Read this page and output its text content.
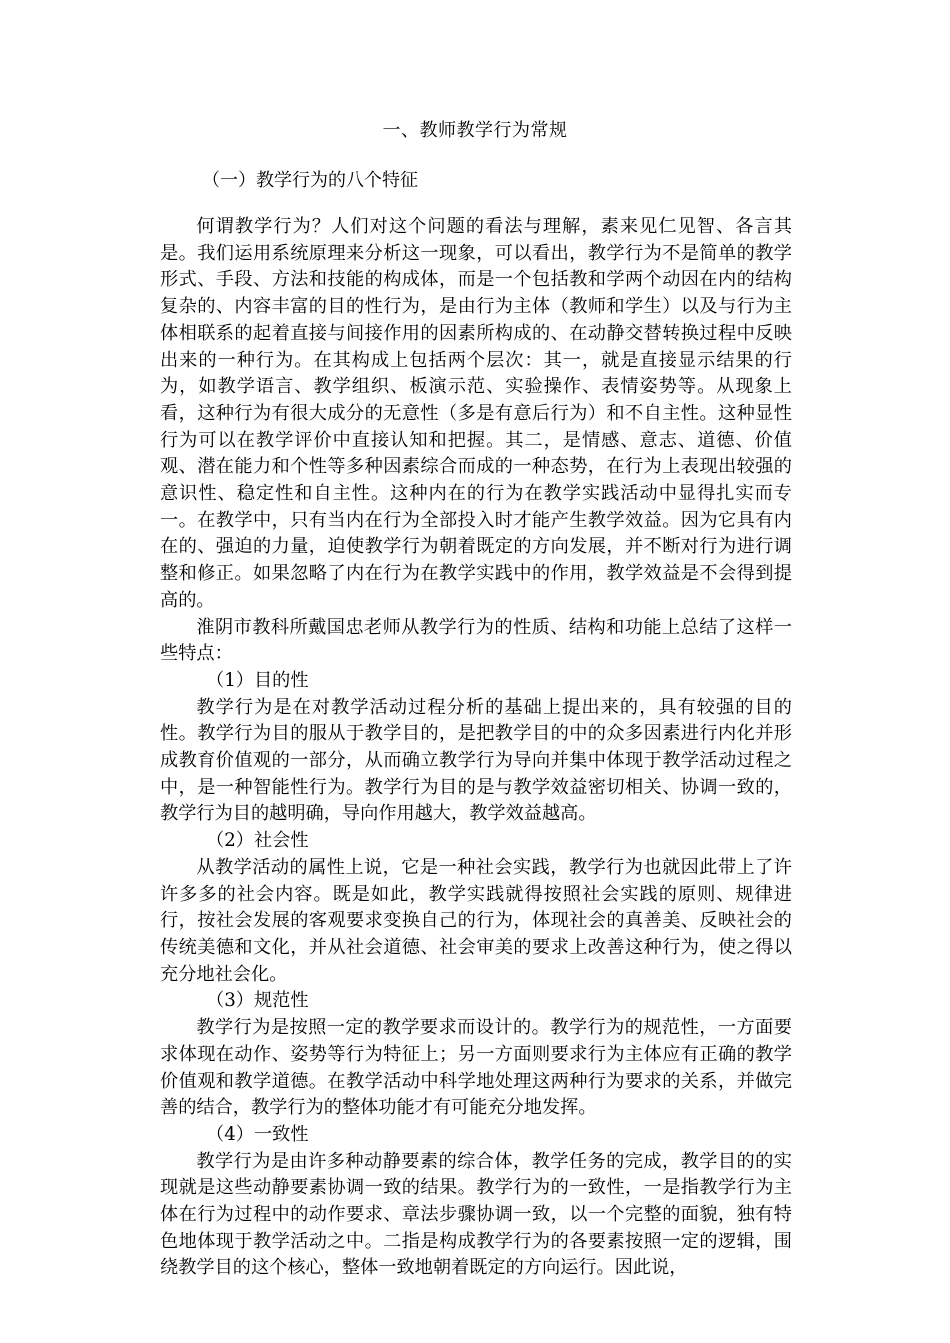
一、教师教学行为常规
（一）教学行为的八个特征

何谓教学行为？人们对这个问题的看法与理解，素来见仁见智、各言其是。我们运用系统原理来分析这一现象，可以看出，教学行为不是简单的教学形式、手段、方法和技能的构成体，而是一个包括教和学两个动因在内的结构复杂的、内容丰富的目的性行为，是由行为主体（教师和学生）以及与行为主体相联系的起着直接与间接作用的因素所构成的、在动静交替转换过程中反映出来的一种行为。在其构成上包括两个层次：其一，就是直接显示结果的行为，如教学语言、教学组织、板演示范、实验操作、表情姿势等。从现象上看，这种行为有很大成分的无意性（多是有意后行为）和不自主性。这种显性行为可以在教学评价中直接认知和把握。其二，是情感、意志、道德、价值观、潜在能力和个性等多种因素综合而成的一种态势，在行为上表现出较强的意识性、稳定性和自主性。这种内在的行为在教学实践活动中显得扎实而专一。在教学中，只有当内在行为全部投入时才能产生教学效益。因为它具有内在的、强迫的力量，迫使教学行为朝着既定的方向发展，并不断对行为进行调整和修正。如果忽略了内在行为在教学实践中的作用，教学效益是不会得到提高的。

淮阴市教科所戴国忠老师从教学行为的性质、结构和功能上总结了这样一些特点：

（1）目的性

教学行为是在对教学活动过程分析的基础上提出来的，具有较强的目的性。教学行为目的服从于教学目的，是把教学目的中的众多因素进行内化并形成教育价值观的一部分，从而确立教学行为导向并集中体现于教学活动过程之中，是一种智能性行为。教学行为目的是与教学效益密切相关、协调一致的，教学行为目的越明确，导向作用越大，教学效益越高。

（2）社会性

从教学活动的属性上说，它是一种社会实践，教学行为也就因此带上了许许多多的社会内容。既是如此，教学实践就得按照社会实践的原则、规律进行，按社会发展的客观要求变换自己的行为，体现社会的真善美、反映社会的传统美德和文化，并从社会道德、社会审美的要求上改善这种行为，使之得以充分地社会化。

（3）规范性

教学行为是按照一定的教学要求而设计的。教学行为的规范性，一方面要求体现在动作、姿势等行为特征上；另一方面则要求行为主体应有正确的教学价值观和教学道德。在教学活动中科学地处理这两种行为要求的关系，并做完善的结合，教学行为的整体功能才有可能充分地发挥。

（4）一致性

教学行为是由许多种动静要素的综合体，教学任务的完成，教学目的的实现就是这些动静要素协调一致的结果。教学行为的一致性，一是指教学行为主体在行为过程中的动作要求、章法步骤协调一致，以一个完整的面貌，独有特色地体现于教学活动之中。二指是构成教学行为的各要素按照一定的逻辑，围绕教学目的这个核心，整体一致地朝着既定的方向运行。因此说，
